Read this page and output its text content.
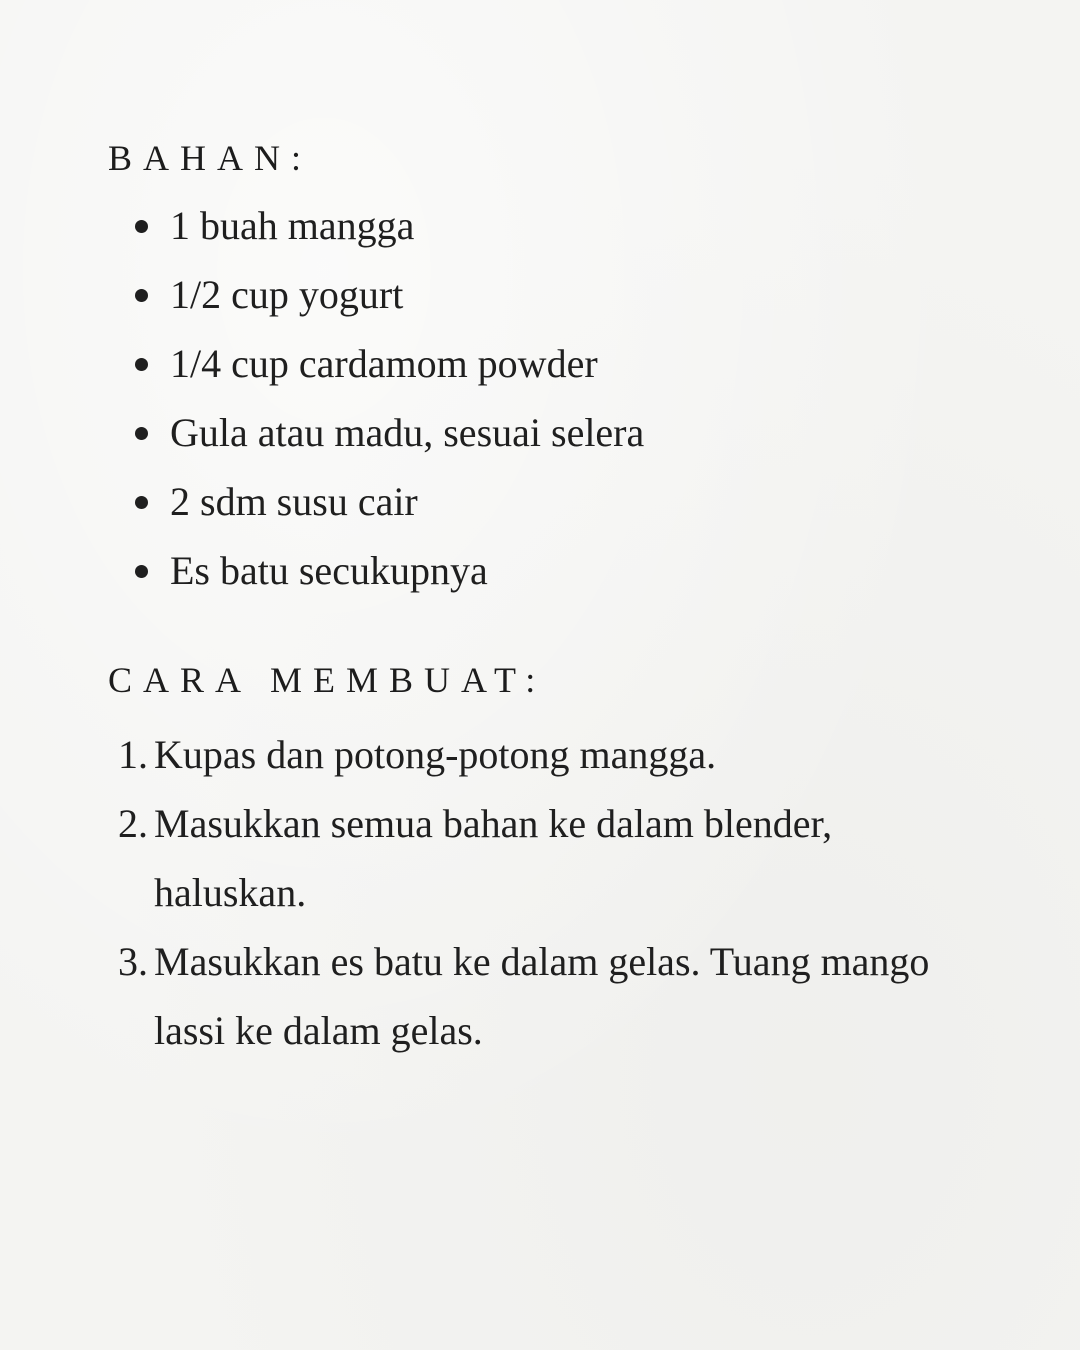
BAHAN:
1 buah mangga
1/2 cup yogurt
1/4 cup cardamom powder
Gula atau madu, sesuai selera
2 sdm susu cair
Es batu secukupnya
CARA MEMBUAT:
1. Kupas dan potong-potong mangga.
2. Masukkan semua bahan ke dalam blender, haluskan.
3. Masukkan es batu ke dalam gelas. Tuang mango lassi ke dalam gelas.
